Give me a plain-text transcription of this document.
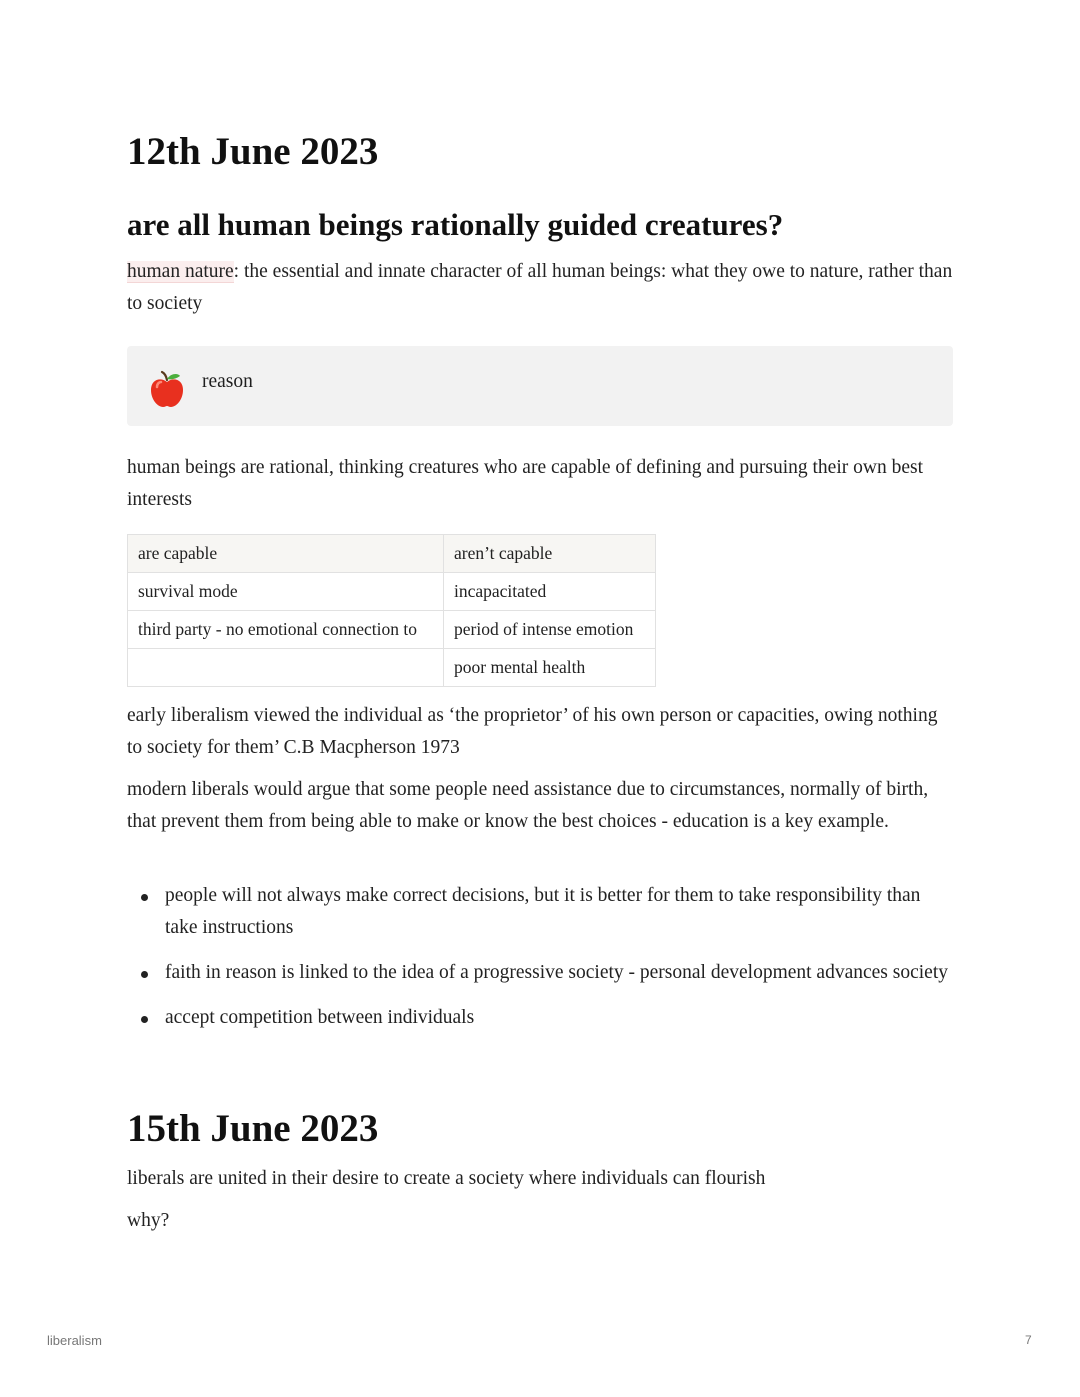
12th June 2023
are all human beings rationally guided creatures?

human nature: the essential and innate character of all human beings: what they owe to nature, rather than to society

reason

human beings are rational, thinking creatures who are capable of defining and pursuing their own best interests

are capable	aren’t capable
survival mode	incapacitated
third party - no emotional connection to	period of intense emotion
	poor mental health

early liberalism viewed the individual as ‘the proprietor’ of his own person or capacities, owing nothing to society for them’ C.B Macpherson 1973

modern liberals would argue that some people need assistance due to circumstances, normally of birth, that prevent them from being able to make or know the best choices - education is a key example.

people will not always make correct decisions, but it is better for them to take responsibility than take instructions
faith in reason is linked to the idea of a progressive society - personal development advances society
accept competition between individuals
15th June 2023

liberals are united in their desire to create a society where individuals can flourish

why?

liberalism	7
